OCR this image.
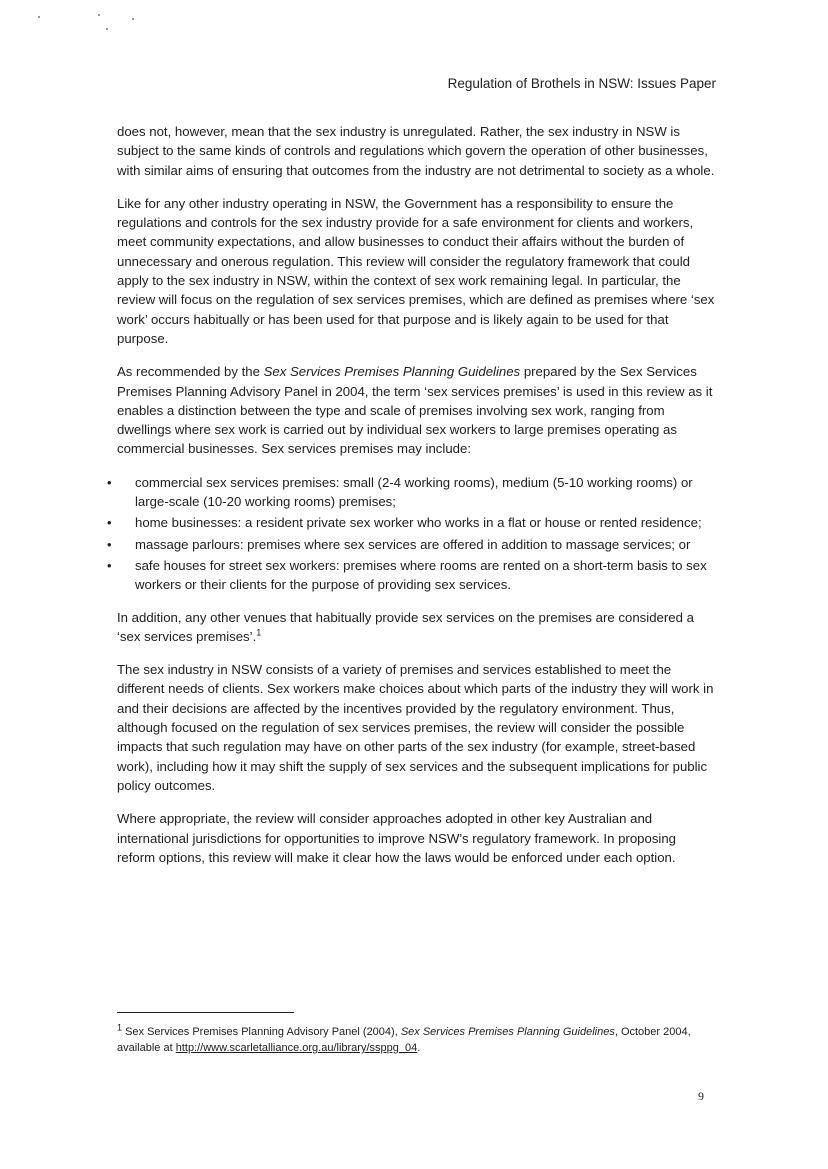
Regulation of Brothels in NSW: Issues Paper

does not, however, mean that the sex industry is unregulated. Rather, the sex industry in NSW is subject to the same kinds of controls and regulations which govern the operation of other businesses, with similar aims of ensuring that outcomes from the industry are not detrimental to society as a whole.

Like for any other industry operating in NSW, the Government has a responsibility to ensure the regulations and controls for the sex industry provide for a safe environment for clients and workers, meet community expectations, and allow businesses to conduct their affairs without the burden of unnecessary and onerous regulation. This review will consider the regulatory framework that could apply to the sex industry in NSW, within the context of sex work remaining legal. In particular, the review will focus on the regulation of sex services premises, which are defined as premises where ‘sex work’ occurs habitually or has been used for that purpose and is likely again to be used for that purpose.

As recommended by the Sex Services Premises Planning Guidelines prepared by the Sex Services Premises Planning Advisory Panel in 2004, the term ‘sex services premises’ is used in this review as it enables a distinction between the type and scale of premises involving sex work, ranging from dwellings where sex work is carried out by individual sex workers to large premises operating as commercial businesses. Sex services premises may include:

• commercial sex services premises: small (2-4 working rooms), medium (5-10 working rooms) or large-scale (10-20 working rooms) premises;
• home businesses: a resident private sex worker who works in a flat or house or rented residence;
• massage parlours: premises where sex services are offered in addition to massage services; or
• safe houses for street sex workers: premises where rooms are rented on a short-term basis to sex workers or their clients for the purpose of providing sex services.

In addition, any other venues that habitually provide sex services on the premises are considered a ‘sex services premises’.$^1$

The sex industry in NSW consists of a variety of premises and services established to meet the different needs of clients. Sex workers make choices about which parts of the industry they will work in and their decisions are affected by the incentives provided by the regulatory environment. Thus, although focused on the regulation of sex services premises, the review will consider the possible impacts that such regulation may have on other parts of the sex industry (for example, street-based work), including how it may shift the supply of sex services and the subsequent implications for public policy outcomes.

Where appropriate, the review will consider approaches adopted in other key Australian and international jurisdictions for opportunities to improve NSW’s regulatory framework. In proposing reform options, this review will make it clear how the laws would be enforced under each option.

$^1$ Sex Services Premises Planning Advisory Panel (2004), Sex Services Premises Planning Guidelines, October 2004, available at http://www.scarletalliance.org.au/library/ssppg_04.
9
